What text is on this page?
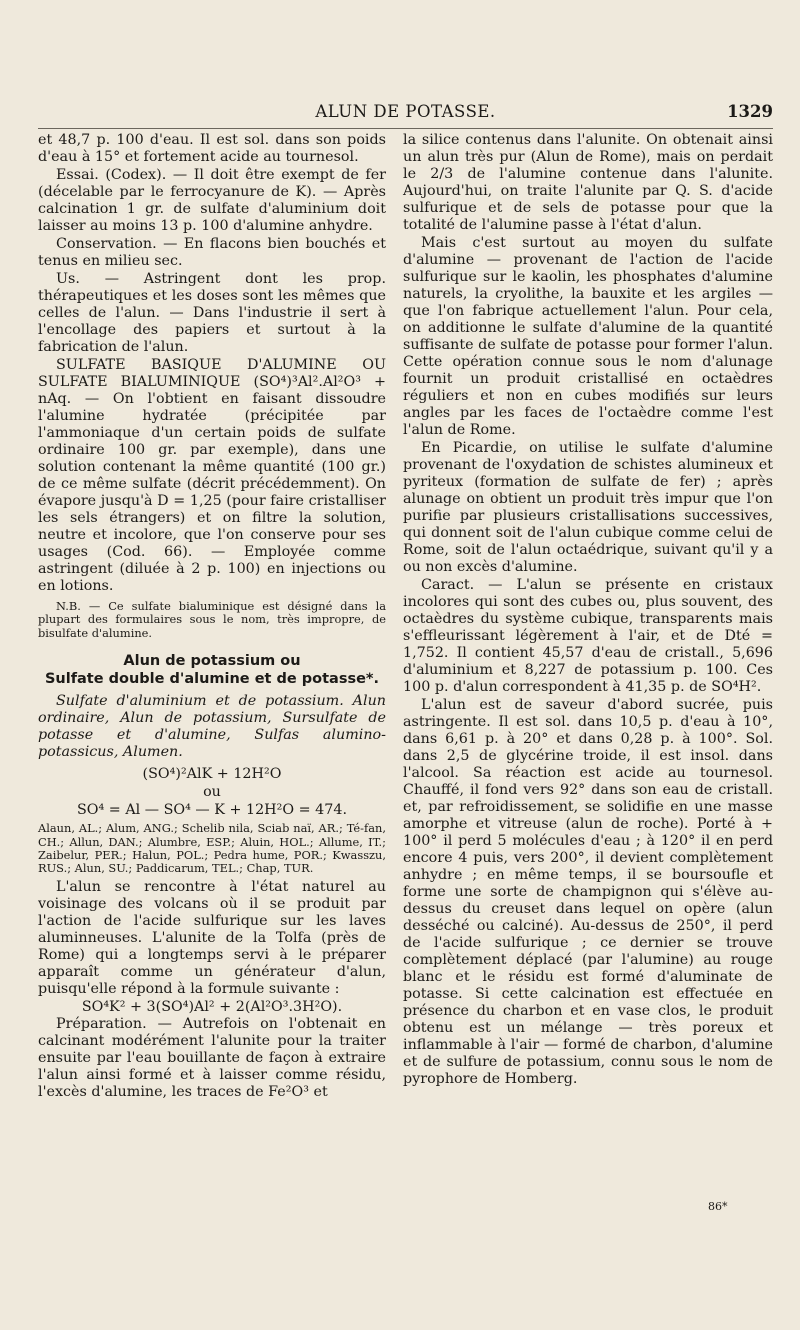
ALUN DE POTASSE.	1329

et 48,7 p. 100 d'eau. Il est sol. dans son poids d'eau à 15° et fortement acide au tournesol.

Essai. (Codex). — Il doit être exempt de fer (décelable par le ferrocyanure de K). — Après calcination 1 gr. de sulfate d'aluminium doit laisser au moins 13 p. 100 d'alumine anhydre.

Conservation. — En flacons bien bouchés et tenus en milieu sec.

Us. — Astringent dont les prop. thérapeutiques et les doses sont les mêmes que celles de l'alun. — Dans l'industrie il sert à l'encollage des papiers et surtout à la fabrication de l'alun.

SULFATE BASIQUE D'ALUMINE OU SULFATE BIALUMINIQUE (SO⁴)³Al².Al²O³ + nAq. — On l'obtient en faisant dissoudre l'alumine hydratée (précipitée par l'ammoniaque d'un certain poids de sulfate ordinaire 100 gr. par exemple), dans une solution contenant la même quantité (100 gr.) de ce même sulfate (décrit précédemment). On évapore jusqu'à D = 1,25 (pour faire cristalliser les sels étrangers) et on filtre la solution, neutre et incolore, que l'on conserve pour ses usages (Cod. 66). — Employée comme astringent (diluée à 2 p. 100) en injections ou en lotions.

N.B. — Ce sulfate bialuminique est désigné dans la plupart des formulaires sous le nom, très impropre, de bisulfate d'alumine.

Alun de potassium ou
Sulfate double d'alumine et de potasse*.

Sulfate d'aluminium et de potassium. Alun ordinaire, Alun de potassium, Sursulfate de potasse et d'alumine, Sulfas alumino-potassicus, Alumen.

(SO⁴)²AlK + 12H²O
ou
SO⁴ = Al — SO⁴ — K + 12H²O = 474.

Alaun, AL.; Alum, ANG.; Schelib nila, Sciab naï, AR.; Té-fan, CH.; Allun, DAN.; Alumbre, ESP.; Aluin, HOL.; Allume, IT.; Zaibelur, PER.; Halun, POL.; Pedra hume, POR.; Kwasszu, RUS.; Alun, SU.; Paddicarum, TEL.; Chap, TUR.

L'alun se rencontre à l'état naturel au voisinage des volcans où il se produit par l'action de l'acide sulfurique sur les laves aluminneuses. L'alunite de la Tolfa (près de Rome) qui a longtemps servi à le préparer apparaît comme un générateur d'alun, puisqu'elle répond à la formule suivante :

SO⁴K² + 3(SO⁴)Al² + 2(Al²O³.3H²O).

Préparation. — Autrefois on l'obtenait en calcinant modérément l'alunite pour la traiter ensuite par l'eau bouillante de façon à extraire l'alun ainsi formé et à laisser comme résidu, l'excès d'alumine, les traces de Fe²O³ et

la silice contenus dans l'alunite. On obtenait ainsi un alun très pur (Alun de Rome), mais on perdait le 2/3 de l'alumine contenue dans l'alunite. Aujourd'hui, on traite l'alunite par Q. S. d'acide sulfurique et de sels de potasse pour que la totalité de l'alumine passe à l'état d'alun.

Mais c'est surtout au moyen du sulfate d'alumine — provenant de l'action de l'acide sulfurique sur le kaolin, les phosphates d'alumine naturels, la cryolithe, la bauxite et les argiles — que l'on fabrique actuellement l'alun. Pour cela, on additionne le sulfate d'alumine de la quantité suffisante de sulfate de potasse pour former l'alun. Cette opération connue sous le nom d'alunage fournit un produit cristallisé en octaèdres réguliers et non en cubes modifiés sur leurs angles par les faces de l'octaèdre comme l'est l'alun de Rome.

En Picardie, on utilise le sulfate d'alumine provenant de l'oxydation de schistes alumineux et pyriteux (formation de sulfate de fer) ; après alunage on obtient un produit très impur que l'on purifie par plusieurs cristallisations successives, qui donnent soit de l'alun cubique comme celui de Rome, soit de l'alun octaédrique, suivant qu'il y a ou non excès d'alumine.

Caract. — L'alun se présente en cristaux incolores qui sont des cubes ou, plus souvent, des octaèdres du système cubique, transparents mais s'effleurissant légèrement à l'air, et de Dté = 1,752. Il contient 45,57 d'eau de cristall., 5,696 d'aluminium et 8,227 de potassium p. 100. Ces 100 p. d'alun correspondent à 41,35 p. de SO⁴H².

L'alun est de saveur d'abord sucrée, puis astringente. Il est sol. dans 10,5 p. d'eau à 10°, dans 6,61 p. à 20° et dans 0,28 p. à 100°. Sol. dans 2,5 de glycérine troide, il est insol. dans l'alcool. Sa réaction est acide au tournesol. Chauffé, il fond vers 92° dans son eau de cristall. et, par refroidissement, se solidifie en une masse amorphe et vitreuse (alun de roche). Porté à + 100° il perd 5 molécules d'eau ; à 120° il en perd encore 4 puis, vers 200°, il devient complètement anhydre ; en même temps, il se boursoufle et forme une sorte de champignon qui s'élève au-dessus du creuset dans lequel on opère (alun desséché ou calciné). Au-dessus de 250°, il perd de l'acide sulfurique ; ce dernier se trouve complètement déplacé (par l'alumine) au rouge blanc et le résidu est formé d'aluminate de potasse. Si cette calcination est effectuée en présence du charbon et en vase clos, le produit obtenu est un mélange — très poreux et inflammable à l'air — formé de charbon, d'alumine et de sulfure de potassium, connu sous le nom de pyrophore de Homberg.

86*
